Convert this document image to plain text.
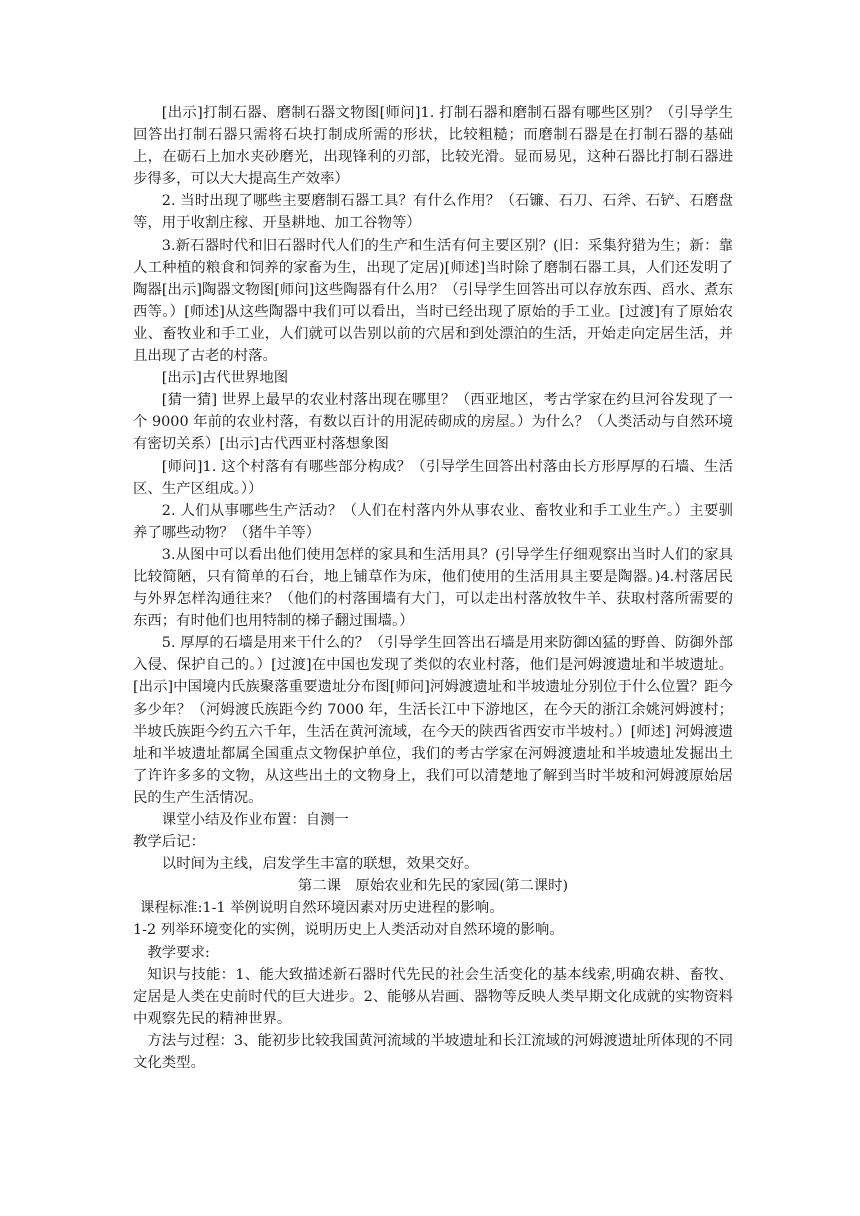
[出示]打制石器、磨制石器文物图[师问]1. 打制石器和磨制石器有哪些区别？（引导学生回答出打制石器只需将石块打制成所需的形状，比较粗糙；而磨制石器是在打制石器的基础上，在砺石上加水夹砂磨光，出现锋利的刃部，比较光滑。显而易见，这种石器比打制石器进步得多，可以大大提高生产效率）

2. 当时出现了哪些主要磨制石器工具？有什么作用？（石镰、石刀、石斧、石铲、石磨盘等，用于收割庄稼、开垦耕地、加工谷物等）

3.新石器时代和旧石器时代人们的生产和生活有何主要区别？(旧：采集狩猎为生；新：靠人工种植的粮食和饲养的家畜为生，出现了定居)[师述]当时除了磨制石器工具，人们还发明了陶器[出示]陶器文物图[师问]这些陶器有什么用？（引导学生回答出可以存放东西、舀水、煮东西等。）[师述]从这些陶器中我们可以看出，当时已经出现了原始的手工业。[过渡]有了原始农业、畜牧业和手工业，人们就可以告别以前的穴居和到处漂泊的生活，开始走向定居生活，并且出现了古老的村落。

[出示]古代世界地图

[猜一猜] 世界上最早的农业村落出现在哪里？（西亚地区，考古学家在约旦河谷发现了一个 9000 年前的农业村落，有数以百计的用泥砖砌成的房屋。）为什么？（人类活动与自然环境有密切关系）[出示]古代西亚村落想象图

[师问]1. 这个村落有有哪些部分构成？（引导学生回答出村落由长方形厚厚的石墙、生活区、生产区组成。））

2. 人们从事哪些生产活动？（人们在村落内外从事农业、畜牧业和手工业生产。）主要驯养了哪些动物？（猪牛羊等）

3.从图中可以看出他们使用怎样的家具和生活用具？(引导学生仔细观察出当时人们的家具比较简陋，只有简单的石台，地上铺草作为床，他们使用的生活用具主要是陶器。)4.村落居民与外界怎样沟通往来？（他们的村落围墙有大门，可以走出村落放牧牛羊、获取村落所需要的东西；有时他们也用特制的梯子翻过围墙。）

5. 厚厚的石墙是用来干什么的？（引导学生回答出石墙是用来防御凶猛的野兽、防御外部入侵、保护自己的。）[过渡]在中国也发现了类似的农业村落，他们是河姆渡遗址和半坡遗址。[出示]中国境内氏族聚落重要遗址分布图[师问]河姆渡遗址和半坡遗址分别位于什么位置？距今多少年？（河姆渡氏族距今约 7000 年，生活长江中下游地区，在今天的浙江余姚河姆渡村；半坡氏族距今约五六千年，生活在黄河流域，在今天的陕西省西安市半坡村。）[师述] 河姆渡遗址和半坡遗址都属全国重点文物保护单位，我们的考古学家在河姆渡遗址和半坡遗址发掘出土了许许多多的文物，从这些出土的文物身上，我们可以清楚地了解到当时半坡和河姆渡原始居民的生产生活情况。

课堂小结及作业布置：自测一

教学后记：

以时间为主线，启发学生丰富的联想，效果交好。

第二课　原始农业和先民的家园(第二课时)

课程标准:1-1 举例说明自然环境因素对历史进程的影响。

1-2 列举环境变化的实例，说明历史上人类活动对自然环境的影响。

教学要求:

知识与技能：1、能大致描述新石器时代先民的社会生活变化的基本线索,明确农耕、畜牧、定居是人类在史前时代的巨大进步。2、能够从岩画、器物等反映人类早期文化成就的实物资料中观察先民的精神世界。

方法与过程：3、能初步比较我国黄河流域的半坡遗址和长江流域的河姆渡遗址所体现的不同文化类型。
